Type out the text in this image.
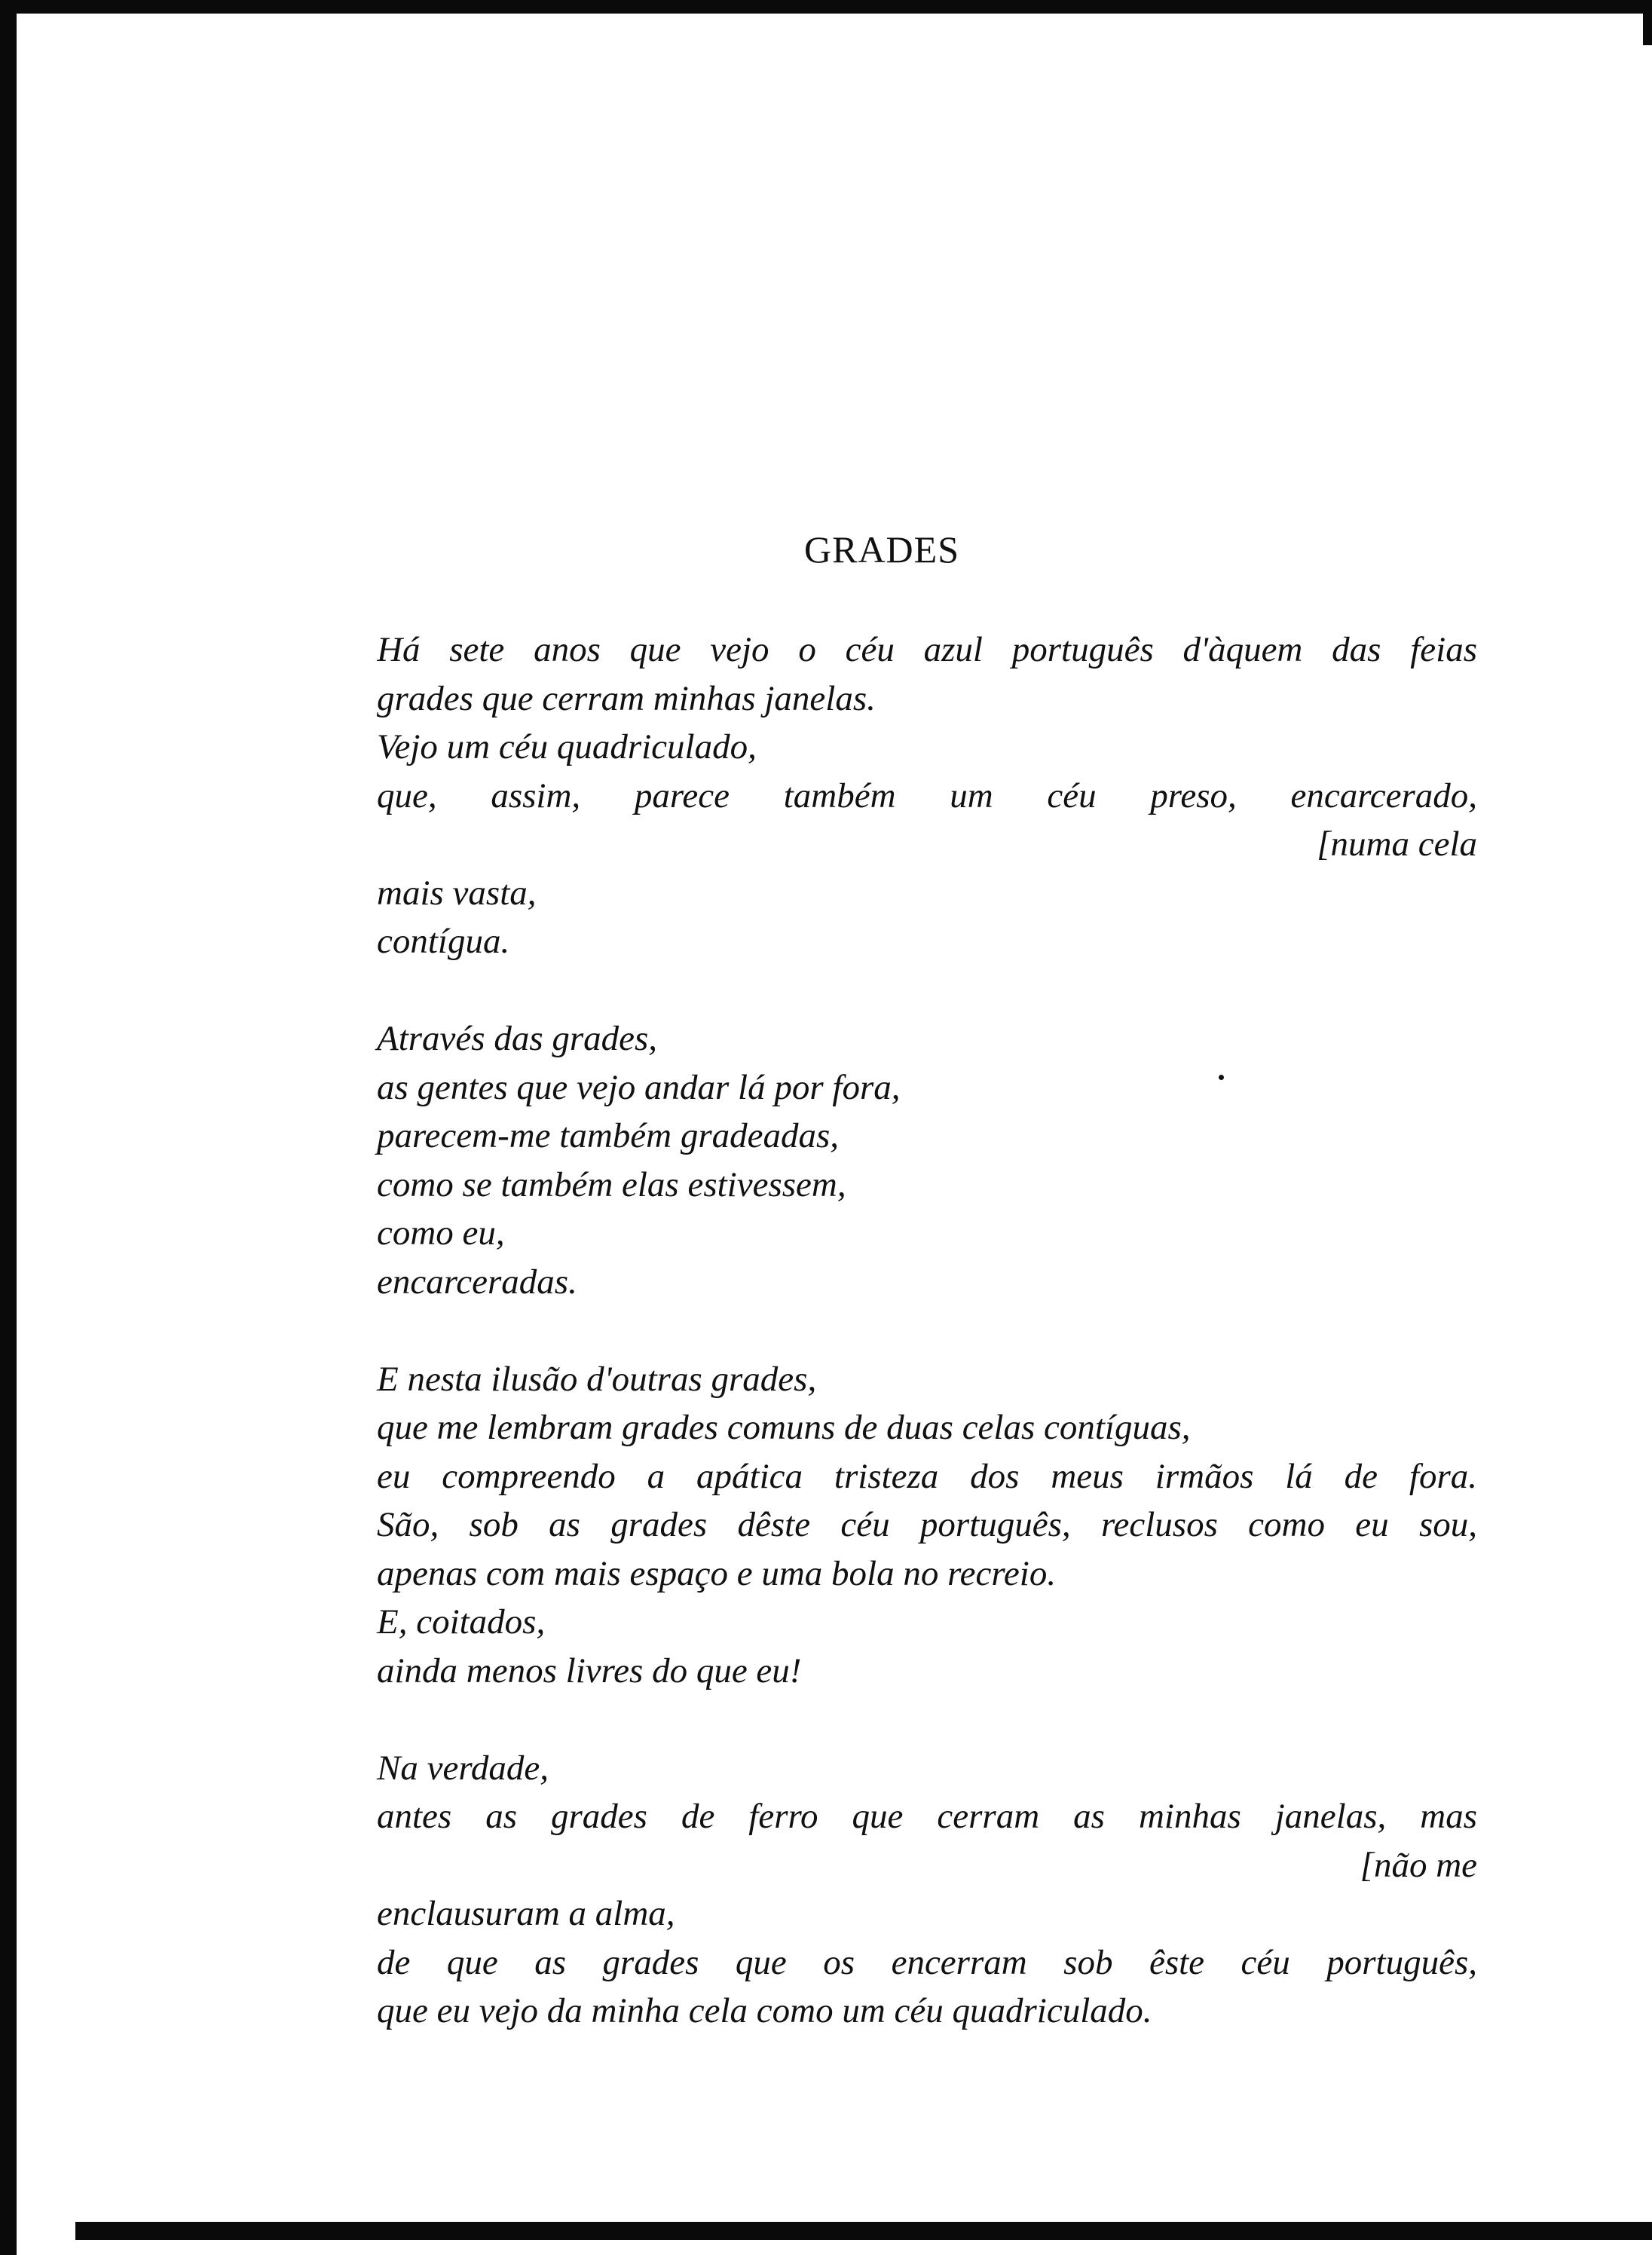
GRADES
Há sete anos que vejo o céu azul português d'àquem das feias
grades que cerram minhas janelas.
Vejo um céu quadriculado,
que, assim, parece também um céu preso, encarcerado,
[numa cela
mais vasta,
contígua.
Através das grades,
as gentes que vejo andar lá por fora,
parecem-me também gradeadas,
como se também elas estivessem,
como eu,
encarceradas.
E nesta ilusão d'outras grades,
que me lembram grades comuns de duas celas contíguas,
eu compreendo a apática tristeza dos meus irmãos lá de fora.
São, sob as grades dêste céu português, reclusos como eu sou,
apenas com mais espaço e uma bola no recreio.
E, coitados,
ainda menos livres do que eu!
Na verdade,
antes as grades de ferro que cerram as minhas janelas, mas
[não me
enclausuram a alma,
de que as grades que os encerram sob êste céu português,
que eu vejo da minha cela como um céu quadriculado.
